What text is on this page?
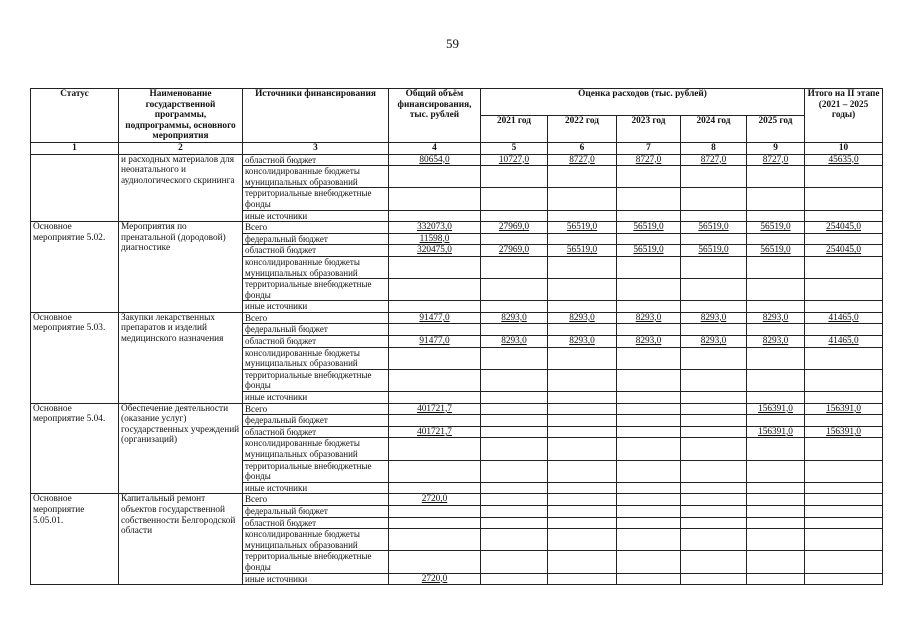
59
Статус	Наименование государственной программы, подпрограммы, основного мероприятия	Источники финансирования	Общий объём финансирования, тыс. рублей	Оценка расходов (тыс. рублей)					Итого на II этапе (2021 – 2025 годы)
				2021 год	2022 год	2023 год	2024 год	2025 год	
1	2	3	4	5	6	7	8	9	10
	и расходных материалов для неонатального и аудиологического скрининга	областной бюджет	80654,0	10727,0	8727,0	8727,0	8727,0	8727,0	45635,0
		консолидированные бюджеты муниципальных образований							
		территориальные внебюджетные фонды							
		иные источники							
Основное мероприятие 5.02.	Мероприятия по пренатальной (дородовой) диагностике	Всего	332073,0	27969,0	56519,0	56519,0	56519,0	56519,0	254045,0
		федеральный бюджет	11598,0						
		областной бюджет	320475,0	27969,0	56519,0	56519,0	56519,0	56519,0	254045,0
		консолидированные бюджеты муниципальных образований							
		территориальные внебюджетные фонды							
		иные источники							
Основное мероприятие 5.03.	Закупки лекарственных препаратов и изделий медицинского назначения	Всего	91477,0	8293,0	8293,0	8293,0	8293,0	8293,0	41465,0
		федеральный бюджет							
		областной бюджет	91477,0	8293,0	8293,0	8293,0	8293,0	8293,0	41465,0
		консолидированные бюджеты муниципальных образований							
		территориальные внебюджетные фонды							
		иные источники							
Основное мероприятие 5.04.	Обеспечение деятельности (оказание услуг) государственных учреждений (организаций)	Всего	401721,7					156391,0	156391,0
		федеральный бюджет							
		областной бюджет	401721,7					156391,0	156391,0
		консолидированные бюджеты муниципальных образований							
		территориальные внебюджетные фонды							
		иные источники							
Основное мероприятие 5.05.01.	Капитальный ремонт объектов государственной собственности Белгородской области	Всего	2720,0						
		федеральный бюджет							
		областной бюджет							
		консолидированные бюджеты муниципальных образований							
		территориальные внебюджетные фонды							
		иные источники	2720,0						
